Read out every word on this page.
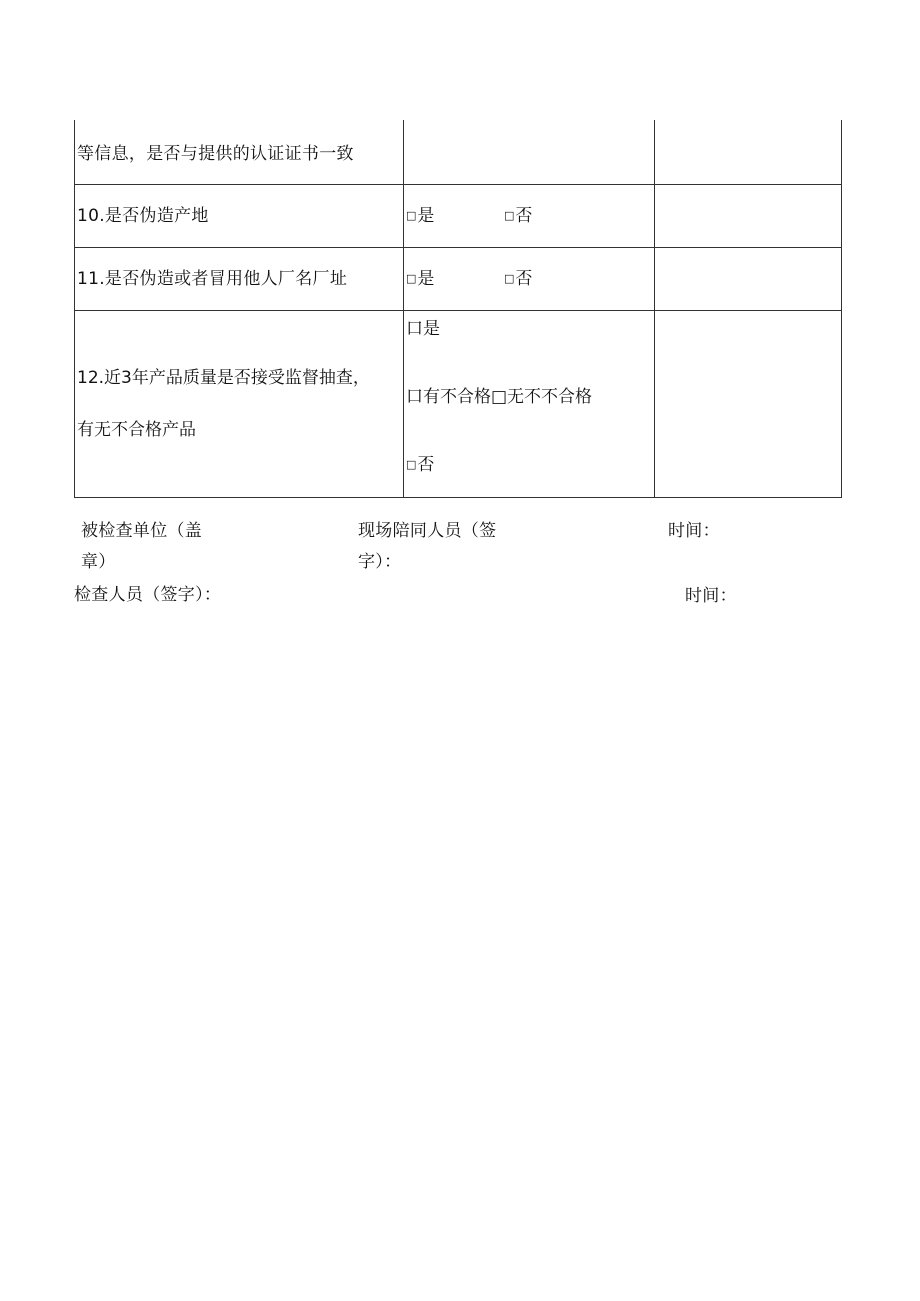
等信息，是否与提供的认证证书一致		

10.是否伪造产地	□是 □否	

11.是否伪造或者冒用他人厂名厂址	□是 □否	

12.近3年产品质量是否接受监督抽查，
有无不合格产品	口是
口有不合格□无不不合格
□否	

被检查单位（盖
章）
现场陪同人员（签
字）：
时间：
检查人员（签字）：	时间：
